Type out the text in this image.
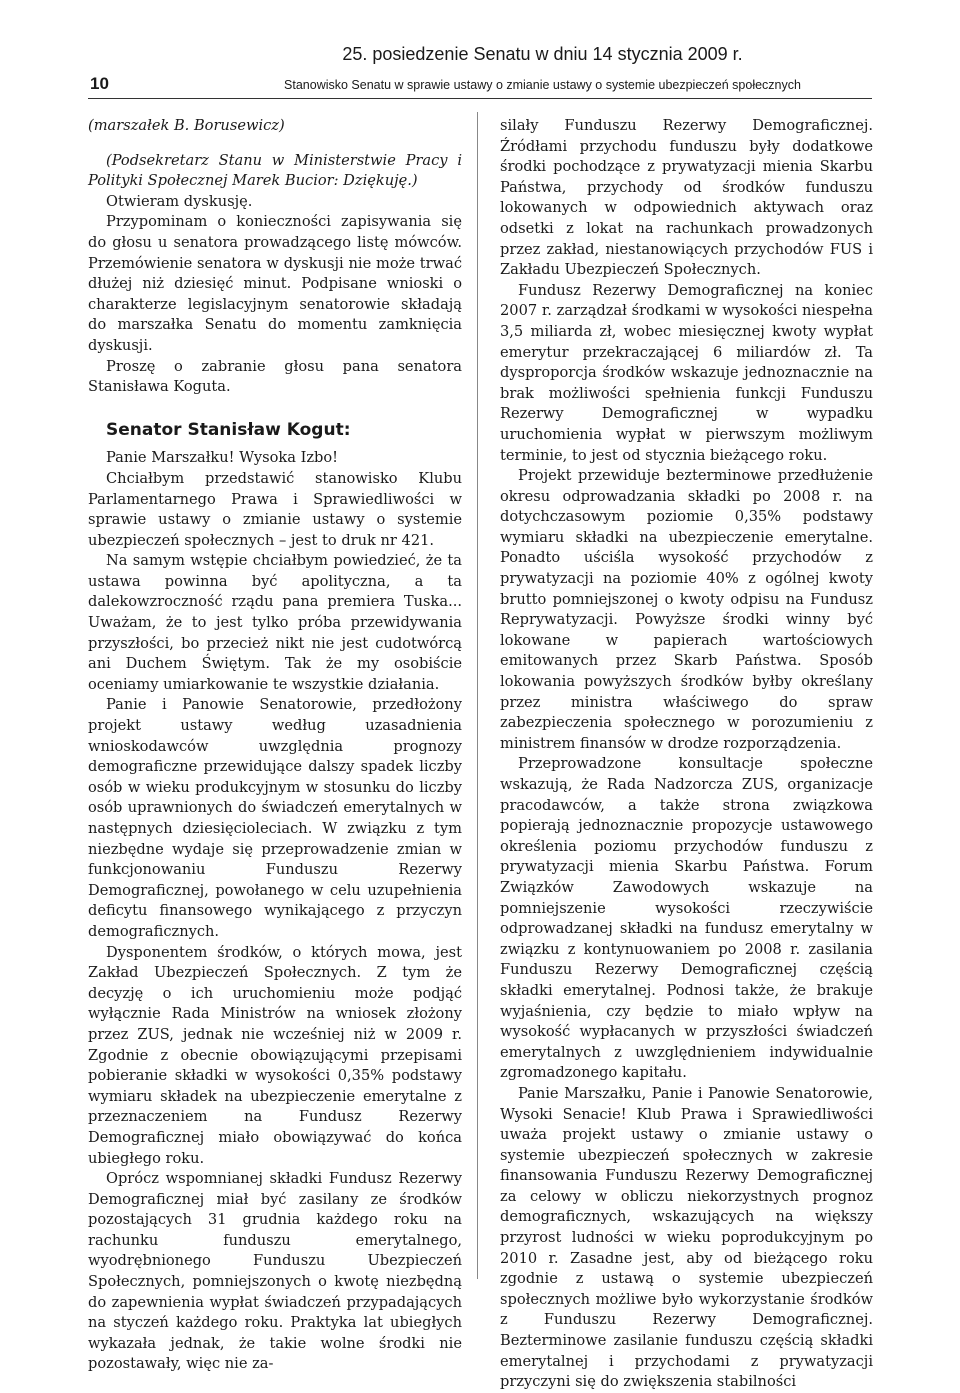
10
25. posiedzenie Senatu w dniu 14 stycznia 2009 r.
Stanowisko Senatu w sprawie ustawy o zmianie ustawy o systemie ubezpieczeń społecznych

(marszałek B. Borusewicz)

(Podsekretarz Stanu w Ministerstwie Pracy i Polityki Społecznej Marek Bucior: Dziękuję.)

Otwieram dyskusję.

Przypominam o konieczności zapisywania się do głosu u senatora prowadzącego listę mówców. Przemówienie senatora w dyskusji nie może trwać dłużej niż dziesięć minut. Podpisane wnioski o charakterze legislacyjnym senatorowie składają do marszałka Senatu do momentu zamknięcia dyskusji.

Proszę o zabranie głosu pana senatora Stanisława Koguta.

Senator Stanisław Kogut:

Panie Marszałku! Wysoka Izbo!

Chciałbym przedstawić stanowisko Klubu Parlamentarnego Prawa i Sprawiedliwości w sprawie ustawy o zmianie ustawy o systemie ubezpieczeń społecznych – jest to druk nr 421.

Na samym wstępie chciałbym powiedzieć, że ta ustawa powinna być apolityczna, a ta dalekowzroczność rządu pana premiera Tuska... Uważam, że to jest tylko próba przewidywania przyszłości, bo przecież nikt nie jest cudotwórcą ani Duchem Świętym. Tak że my osobiście oceniamy umiarkowanie te wszystkie działania.

Panie i Panowie Senatorowie, przedłożony projekt ustawy według uzasadnienia wnioskodawców uwzględnia prognozy demograficzne przewidujące dalszy spadek liczby osób w wieku produkcyjnym w stosunku do liczby osób uprawnionych do świadczeń emerytalnych w następnych dziesięcioleciach. W związku z tym niezbędne wydaje się przeprowadzenie zmian w funkcjonowaniu Funduszu Rezerwy Demograficznej, powołanego w celu uzupełnienia deficytu finansowego wynikającego z przyczyn demograficznych.

Dysponentem środków, o których mowa, jest Zakład Ubezpieczeń Społecznych. Z tym że decyzję o ich uruchomieniu może podjąć wyłącznie Rada Ministrów na wniosek złożony przez ZUS, jednak nie wcześniej niż w 2009 r. Zgodnie z obecnie obowiązującymi przepisami pobieranie składki w wysokości 0,35% podstawy wymiaru składek na ubezpieczenie emerytalne z przeznaczeniem na Fundusz Rezerwy Demograficznej miało obowiązywać do końca ubiegłego roku.

Oprócz wspomnianej składki Fundusz Rezerwy Demograficznej miał być zasilany ze środków pozostających 31 grudnia każdego roku na rachunku funduszu emerytalnego, wyodrębnionego Funduszu Ubezpieczeń Społecznych, pomniejszonych o kwotę niezbędną do zapewnienia wypłat świadczeń przypadających na styczeń każdego roku. Praktyka lat ubiegłych wykazała jednak, że takie wolne środki nie pozostawały, więc nie za-

silały Funduszu Rezerwy Demograficznej. Źródłami przychodu funduszu były dodatkowe środki pochodzące z prywatyzacji mienia Skarbu Państwa, przychody od środków funduszu lokowanych w odpowiednich aktywach oraz odsetki z lokat na rachunkach prowadzonych przez zakład, niestanowiących przychodów FUS i Zakładu Ubezpieczeń Społecznych.

Fundusz Rezerwy Demograficznej na koniec 2007 r. zarządzał środkami w wysokości niespełna 3,5 miliarda zł, wobec miesięcznej kwoty wypłat emerytur przekraczającej 6 miliardów zł. Ta dysproporcja środków wskazuje jednoznacznie na brak możliwości spełnienia funkcji Funduszu Rezerwy Demograficznej w wypadku uruchomienia wypłat w pierwszym możliwym terminie, to jest od stycznia bieżącego roku.

Projekt przewiduje bezterminowe przedłużenie okresu odprowadzania składki po 2008 r. na dotychczasowym poziomie 0,35% podstawy wymiaru składki na ubezpieczenie emerytalne. Ponadto uściśla wysokość przychodów z prywatyzacji na poziomie 40% z ogólnej kwoty brutto pomniejszonej o kwoty odpisu na Fundusz Reprywatyzacji. Powyższe środki winny być lokowane w papierach wartościowych emitowanych przez Skarb Państwa. Sposób lokowania powyższych środków byłby określany przez ministra właściwego do spraw zabezpieczenia społecznego w porozumieniu z ministrem finansów w drodze rozporządzenia.

Przeprowadzone konsultacje społeczne wskazują, że Rada Nadzorcza ZUS, organizacje pracodawców, a także strona związkowa popierają jednoznacznie propozycje ustawowego określenia poziomu przychodów funduszu z prywatyzacji mienia Skarbu Państwa. Forum Związków Zawodowych wskazuje na pomniejszenie wysokości rzeczywiście odprowadzanej składki na fundusz emerytalny w związku z kontynuowaniem po 2008 r. zasilania Funduszu Rezerwy Demograficznej częścią składki emerytalnej. Podnosi także, że brakuje wyjaśnienia, czy będzie to miało wpływ na wysokość wypłacanych w przyszłości świadczeń emerytalnych z uwzględnieniem indywidualnie zgromadzonego kapitału.

Panie Marszałku, Panie i Panowie Senatorowie, Wysoki Senacie! Klub Prawa i Sprawiedliwości uważa projekt ustawy o zmianie ustawy o systemie ubezpieczeń społecznych w zakresie finansowania Funduszu Rezerwy Demograficznej za celowy w obliczu niekorzystnych prognoz demograficznych, wskazujących na większy przyrost ludności w wieku poprodukcyjnym po 2010 r. Zasadne jest, aby od bieżącego roku zgodnie z ustawą o systemie ubezpieczeń społecznych możliwe było wykorzystanie środków z Funduszu Rezerwy Demograficznej. Bezterminowe zasilanie funduszu częścią składki emerytalnej i przychodami z prywatyzacji przyczyni się do zwiększenia stabilności
